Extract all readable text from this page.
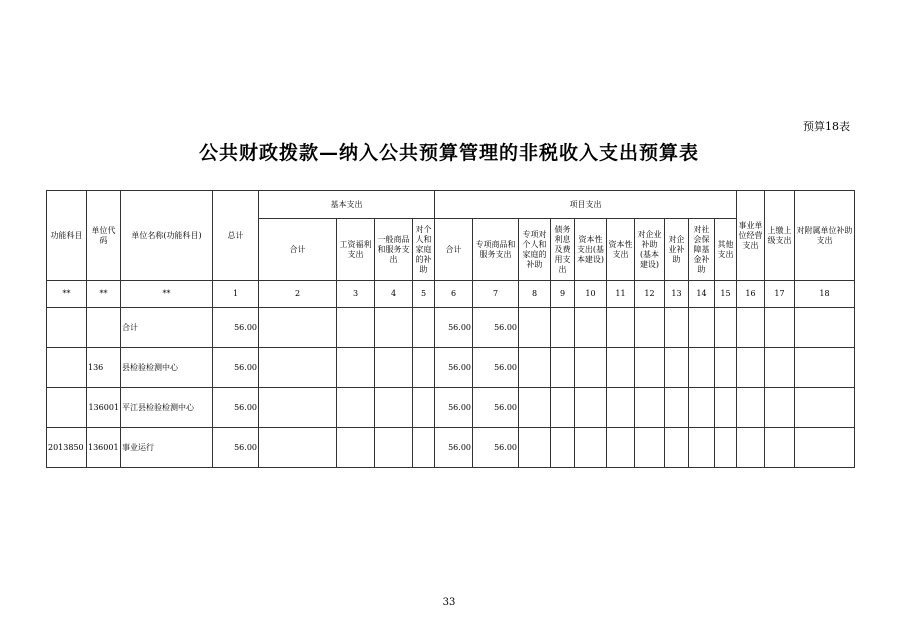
预算18表
公共财政拨款—纳入公共预算管理的非税收入支出预算表
功能科目	单位代码	单位名称(功能科目)	总计	基本支出				项目支出										事业单位经营支出	上缴上级支出	对附属单位补助支出
				合计	工资福利支出	一般商品和服务支出	对个人和家庭的补助	合计	专项商品和服务支出	专项对个人和家庭的补助	债务利息及费用支出	资本性支出(基本建设)	资本性支出	对企业补助(基本建设)	对企业补助	对社会保障基金补助	其他支出			
**	**	**	1	2	3	4	5	6	7	8	9	10	11	12	13	14	15	16	17	18
		合计	56.00					56.00	56.00											
	136	县检验检测中心	56.00					56.00	56.00											
	136001	平江县检验检测中心	56.00					56.00	56.00											
2013850	136001	事业运行	56.00					56.00	56.00											
33
